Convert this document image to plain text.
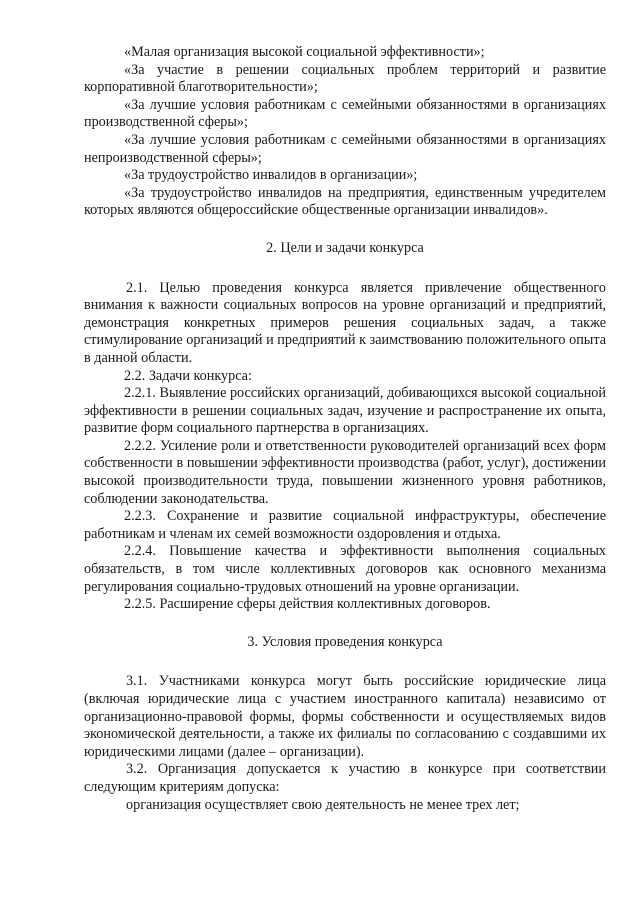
«Малая организация высокой социальной эффективности»;

«За участие в решении социальных проблем территорий и развитие корпоративной благотворительности»;

«За лучшие условия работникам с семейными обязанностями в организациях производственной сферы»;

«За лучшие условия работникам с семейными обязанностями в организациях непроизводственной сферы»;

«За трудоустройство инвалидов в организации»;

«За трудоустройство инвалидов на предприятия, единственным учредителем которых являются общероссийские общественные организации инвалидов».

2. Цели и задачи конкурса

2.1. Целью проведения конкурса является привлечение общественного внимания к важности социальных вопросов на уровне организаций и предприятий, демонстрация конкретных примеров решения социальных задач, а также стимулирование организаций и предприятий к заимствованию положительного опыта в данной области.

2.2. Задачи конкурса:

2.2.1. Выявление российских организаций, добивающихся высокой социальной эффективности в решении социальных задач, изучение и распространение их опыта, развитие форм социального партнерства в организациях.

2.2.2. Усиление роли и ответственности руководителей организаций всех форм собственности в повышении эффективности производства (работ, услуг), достижении высокой производительности труда, повышении жизненного уровня работников, соблюдении законодательства.

2.2.3. Сохранение и развитие социальной инфраструктуры, обеспечение работникам и членам их семей возможности оздоровления и отдыха.

2.2.4. Повышение качества и эффективности выполнения социальных обязательств, в том числе коллективных договоров как основного механизма регулирования социально-трудовых отношений на уровне организации.

2.2.5. Расширение сферы действия коллективных договоров.

3. Условия проведения конкурса

3.1. Участниками конкурса могут быть российские юридические лица (включая юридические лица с участием иностранного капитала) независимо от организационно-правовой формы, формы собственности и осуществляемых видов экономической деятельности, а также их филиалы по согласованию с создавшими их юридическими лицами (далее – организации).

3.2. Организация допускается к участию в конкурсе при соответствии следующим критериям допуска:

организация осуществляет свою деятельность не менее трех лет;
